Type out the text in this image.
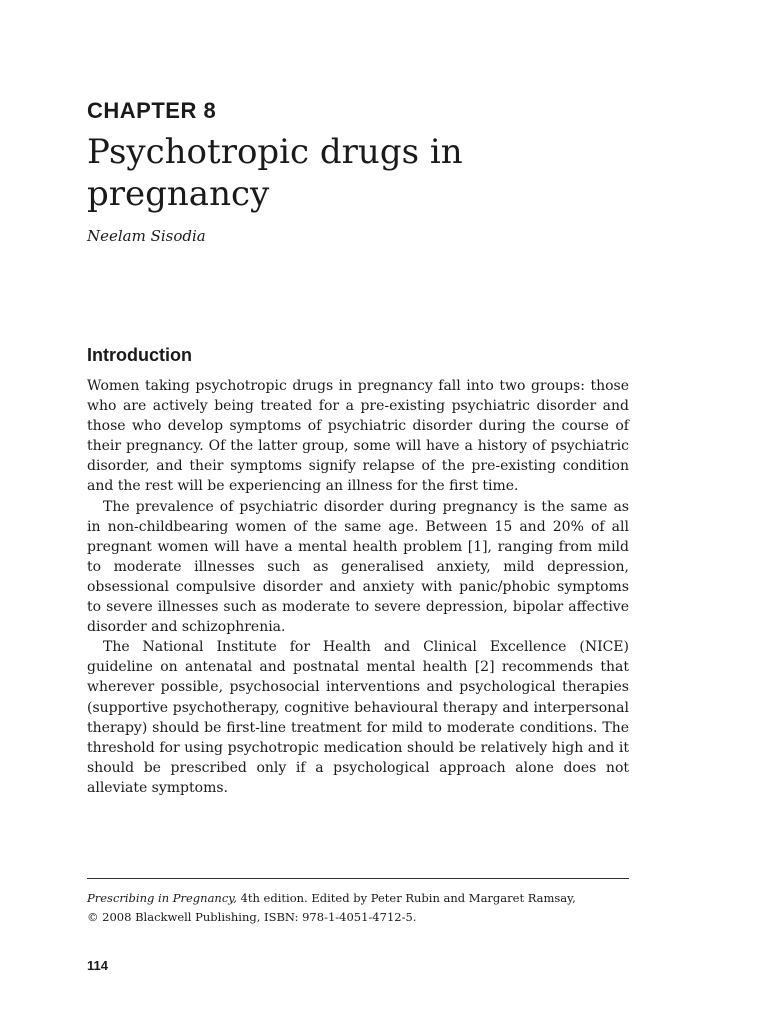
CHAPTER 8
Psychotropic drugs in pregnancy
Neelam Sisodia
Introduction

Women taking psychotropic drugs in pregnancy fall into two groups: those who are actively being treated for a pre-existing psychiatric disorder and those who develop symptoms of psychiatric disorder during the course of their pregnancy. Of the latter group, some will have a history of psychiatric disorder, and their symptoms signify relapse of the pre-existing condition and the rest will be experiencing an illness for the first time.

The prevalence of psychiatric disorder during pregnancy is the same as in non-childbearing women of the same age. Between 15 and 20% of all pregnant women will have a mental health problem [1], ranging from mild to moderate illnesses such as generalised anxiety, mild depression, obsessional compulsive disorder and anxiety with panic/phobic symptoms to severe illnesses such as moderate to severe depression, bipolar affective disorder and schizophrenia.

The National Institute for Health and Clinical Excellence (NICE) guideline on antenatal and postnatal mental health [2] recommends that wherever possible, psychosocial interventions and psychological therapies (supportive psychotherapy, cognitive behavioural therapy and interpersonal therapy) should be first-line treatment for mild to moderate conditions. The threshold for using psychotropic medication should be relatively high and it should be prescribed only if a psychological approach alone does not alleviate symptoms.

Prescribing in Pregnancy, 4th edition. Edited by Peter Rubin and Margaret Ramsay,
© 2008 Blackwell Publishing, ISBN: 978-1-4051-4712-5.
114
